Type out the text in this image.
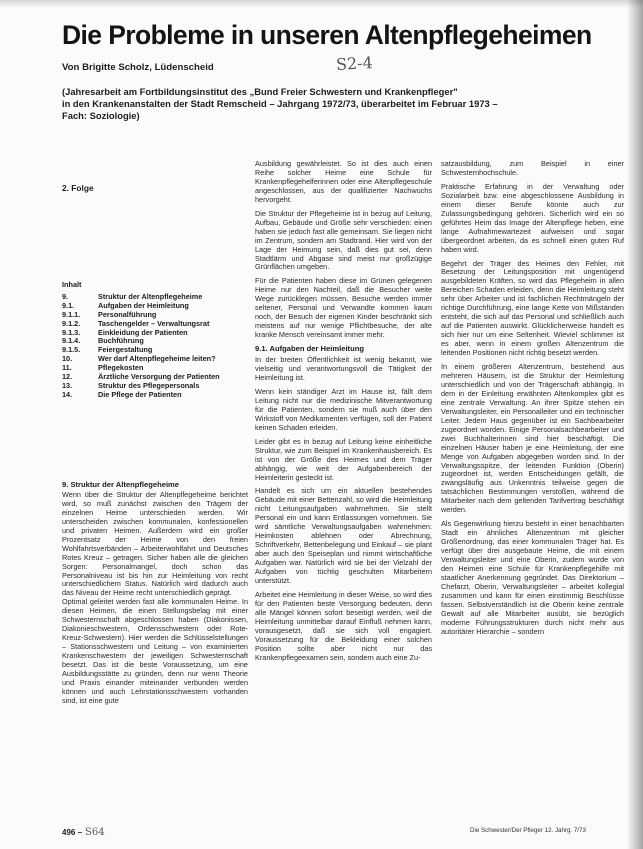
Die Probleme in unseren Altenpflegeheimen
Von Brigitte Scholz, Lüdenscheid	S2-4
(Jahresarbeit am Fortbildungsinstitut des „Bund Freier Schwestern und Krankenpfleger"
in den Krankenanstalten der Stadt Remscheid – Jahrgang 1972/73, überarbeitet im Februar 1973 –
Fach: Soziologie)
2. Folge
Inhalt
9.	Struktur der Altenpflegeheime
9.1.	Aufgaben der Heimleitung
9.1.1.	Personalführung
9.1.2.	Taschengelder – Verwaltungsrat
9.1.3.	Einkleidung der Patienten
9.1.4.	Buchführung
9.1.5.	Feiergestaltung
10.	Wer darf Altenpflegeheime leiten?
11.	Pflegekosten
12.	Ärztliche Versorgung der Patienten
13.	Struktur des Pflegepersonals
14.	Die Pflege der Patienten
9. Struktur der Altenpflegeheime

Wenn über die Struktur der Altenpflegeheime berichtet wird, so muß zunächst zwischen den Trägern der einzelnen Heime unterschieden werden. Wir unterscheiden zwischen kommunalen, konfessionellen und privaten Heimen. Außerdem wird ein großer Prozentsatz der Heime von den freien Wohlfahrtsverbänden – Arbeiterwohlfahrt und Deutsches Rotes Kreuz – getragen. Sicher haben alle die gleichen Sorgen: Personalmangel, doch schon das Personalniveau ist bis hin zur Heimleitung von recht unterschiedlichem Status. Natürlich wird dadurch auch das Niveau der Heime recht unterschiedlich geprägt.

Optimal geleitet werden fast alle kommunalen Heime. In diesen Heimen, die einen Stellungsbelag mit einer Schwesternschaft abgeschlossen haben (Diakonissen, Diakonieschwestern, Ordensschwestern oder Rote-Kreuz-Schwestern). Hier werden die Schlüsselstellungen – Stationsschwestern und Leitung – von examinierten Krankenschwestern der jeweiligen Schwesternschaft besetzt. Das ist die beste Voraussetzung, um eine Ausbildungsstätte zu gründen, denn nur wenn Theorie und Praxis einander miteinander verbunden werden können und auch Lehrstationsschwestern vorhanden sind, ist eine gute

Ausbildung gewährleistet. So ist dies auch einen Reihe solcher Heime eine Schule für Krankenpflegehelferinnen oder eine Altenpflegeschule angeschlossen, aus der qualifizierter Nachwuchs hervorgeht.

Die Struktur der Pflegeheime ist in bezug auf Leitung, Aufbau, Gebäude und Größe sehr verschieden: einen haben sie jedoch fast alle gemeinsam. Sie liegen nicht im Zentrum, sondern am Stadtrand. Hier wird von der Lage der Heimung sein, daß dies gut sei, denn Stadtlärm und Abgase sind meist nur großzügige Grünflächen umgeben.

Für die Patienten haben diese im Grünen gelegenen Heime nur den Nachteil, daß die Besucher weite Wege zurücklegen müssen. Besuche werden immer seltener, Personal und Verwandte kommen kaum noch, der Besuch der eigenen Kinder beschränkt sich meistens auf nur wenige Pflichtbesuche, der alte kranke Mensch vereinsamt immer mehr.

9.1. Aufgaben der Heimleitung

In der breiten Öffentlichkeit ist wenig bekannt, wie vielseitig und verantwortungsvoll die Tätigkeit der Heimleitung ist.

Wenn kein ständiger Arzt im Hause ist, fällt dem Leitung nicht nur die medizinische Mitverantwortung für die Patienten, sondern sie muß auch über den Wirkstoff von Medikamenten verfügen, soll der Patient keinen Schaden erleiden.

Leider gibt es in bezug auf Leitung keine einheitliche Struktur, wie zum Beispiel im Krankenhausbereich. Es ist von der Größe des Heimes und dem Träger abhängig, wie weit der Aufgabenbereich der Heimleiterin gesteckt ist.

Handelt es sich um ein aktuellen bestehendes Gebäude mit einer Bettenzahl, so wird die Heimleitung nicht Leitungsaufgaben wahrnehmen. Sie stellt Personal ein und kann Entlassungen vornehmen. Sie wird sämtliche Verwaltungsaufgaben wahrnehmen: Heimkosten ablehnen oder Abrechnung, Schriftverkehr, Bettenbelegung und Einkauf – sie plant aber auch den Speiseplan und nimmt wirtschaftliche Aufgaben war. Natürlich wird sie bei der Vielzahl der Aufgaben von tüchtig geschulten Mitarbeitern unterstützt.

Arbeitet eine Heimleitung in dieser Weise, so wird dies für den Patienten beste Versorgung bedeuten, denn alle Mängel können sofort beseitigt werden, weil die Heimleitung unmittelbar darauf Einfluß nehmen kann, vorausgesetzt, daß sie sich voll engagiert. Voraussetzung für die Bekleidung einer solchen Position sollte aber nicht nur das Krankenpflegeexamen sein, sondern auch eine Zu-

satzausbildung, zum Beispiel in einer Schwesternhochschule.

Praktische Erfahrung in der Verwaltung oder Sozialarbeit bzw. eine abgeschlossene Ausbildung in einem dieser Berufe könnte auch zur Zulassungsbedingung gehören. Sicherlich wird ein so geführtes Heim das Image der Altenpflege heben, eine lange Aufnahmewartezeit aufweisen und sogar übergeordnet arbeiten, da es schnell einen guten Ruf haben wird.

Begehrt der Träger des Heimes den Fehler, mit Besetzung der Leitungsposition mit ungenügend ausgebildeten Kräften, so wird das Pflegeheim in allen Bereichen Schaden erleiden, denn die Heimleitung steht sehr über Arbeiter und ist fachlichen Rechtmängeln der richtige Durchführung, eine lange Kette von Mißständen entsteht, die sich auf das Personal und schließlich auch auf die Patienten auswirkt. Glücklicherweise handelt es sich hier nur um eine Seltenheit. Wieviel schlimmer ist es aber, wenn in einem großen Altenzentrum die leitenden Positionen nicht richtig besetzt werden.

In einem größeren Altenzentrum, bestehend aus mehreren Häusern, ist die Struktur der Heimleitung unterschiedlich und von der Trägerschaft abhängig. In dem in der Einleitung erwähnten Altenkomplex gibt es eine zentrale Verwaltung. An ihrer Spitze stehen ein Verwaltungsleiter, ein Personalleiter und ein technischer Leiter. Jedem Haus gegenüber ist ein Sachbearbeiter zugeordnet worden. Einige Personalsachbearbeiter und zwei Buchhalterinnen sind hier beschäftigt. Die einzelnen Häuser haben je eine Heimleitung, der eine Menge von Aufgaben abgegeben worden sind. In der Verwaltungsspitze, der leitenden Funktion (Oberin) zugeordnet ist, werden Entscheidungen gefällt, die zwangsläufig aus Unkenntnis teilweise gegen die tatsächlichen Bestimmungen verstoßen, während die Mitarbeiter nach dem geltenden Tarifvertrag beschäftigt werden.

Als Gegenwirkung hierzu besteht in einer benachbarten Stadt ein ähnliches Altenzentrum mit gleicher Größenordnung, das einer kommunalen Träger hat. Es verfügt über drei ausgebaute Heime, die mit einem Verwaltungsleiter und eine Oberin, zudem wurde von den Heimen eine Schule für Krankenpflegehilfe mit staatlicher Anerkennung gegründet. Das Direktorium – Chefarzt, Oberin, Verwaltungsleiter – arbeitet kollegial zusammen und kann für einen einstimmig Beschlüsse fassen. Selbstverständlich ist die Oberin keine zentrale Gewalt auf alle Mitarbeiter ausübt, sie bezüglich moderne Führungsstrukturen durch nicht mehr aus autoritärer Hierarchie – sondern

496 – S64	Die Schwester/Der Pfleger 12. Jahrg. 7/73
